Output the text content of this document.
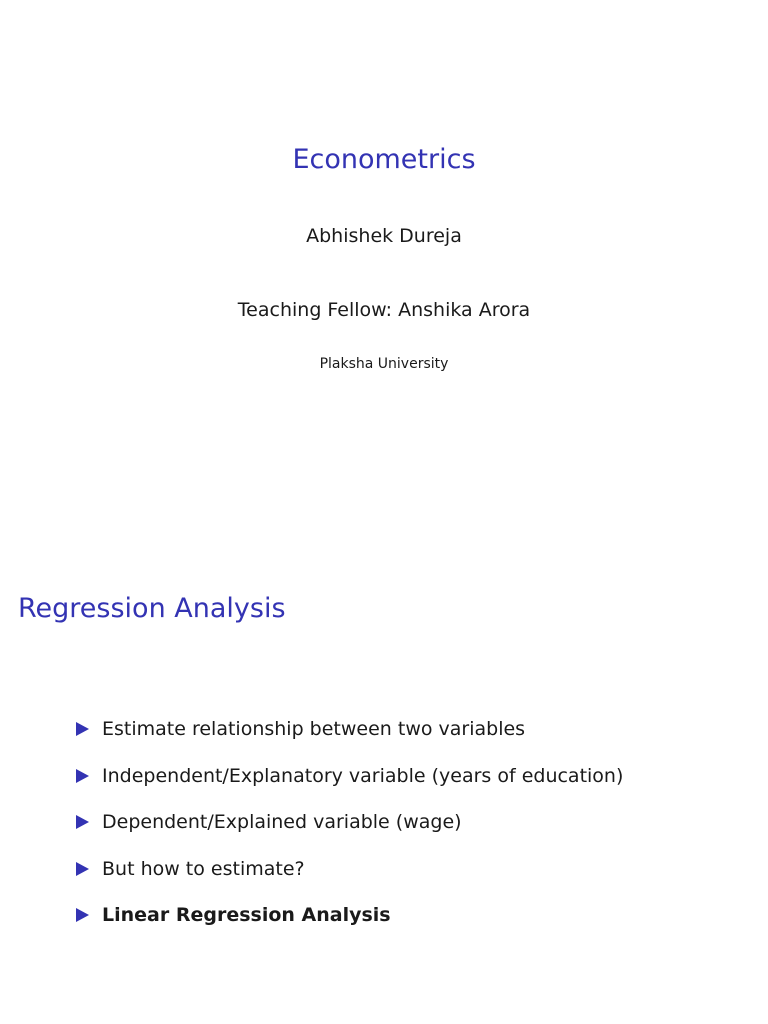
Econometrics
Abhishek Dureja
Teaching Fellow: Anshika Arora
Plaksha University
Regression Analysis
Estimate relationship between two variables
Independent/Explanatory variable (years of education)
Dependent/Explained variable (wage)
But how to estimate?
Linear Regression Analysis
